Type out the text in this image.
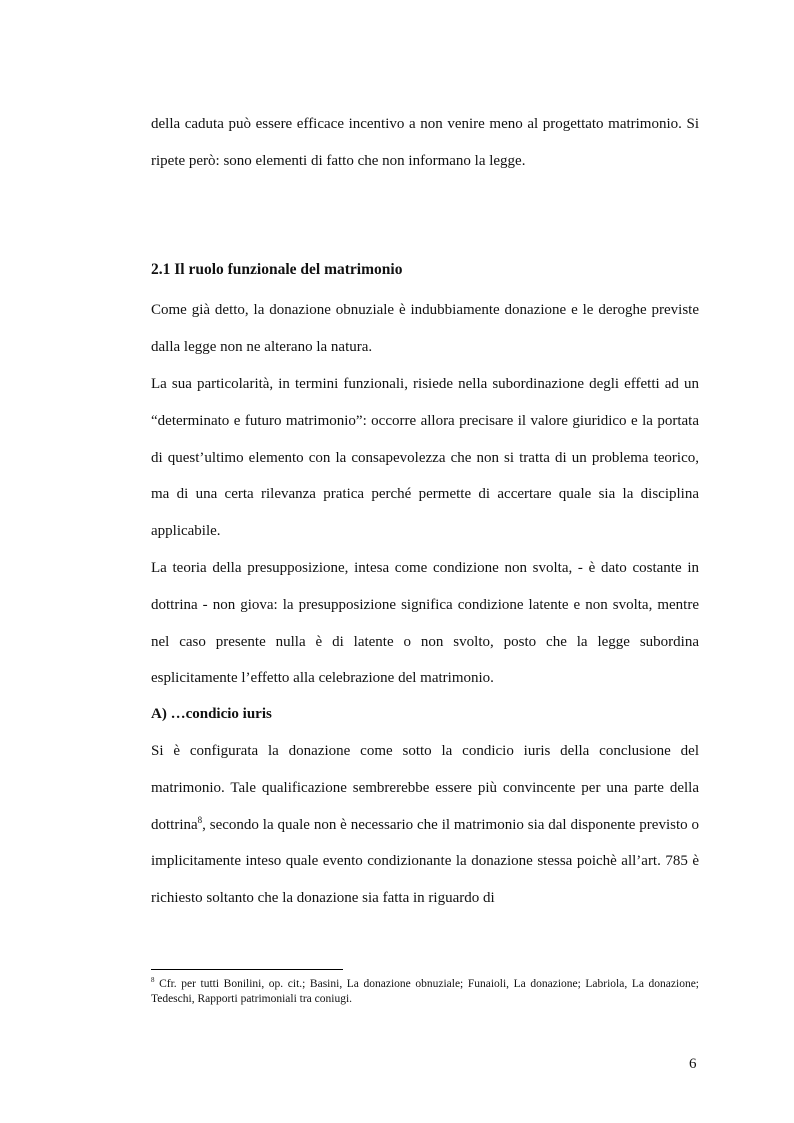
della caduta può essere efficace incentivo a non venire meno al progettato matrimonio. Si ripete però: sono elementi di fatto che non informano la legge.

2.1 Il ruolo funzionale del matrimonio

Come già detto, la donazione obnuziale è indubbiamente donazione e le deroghe previste dalla legge non ne alterano la natura.

La sua particolarità, in termini funzionali, risiede nella subordinazione degli effetti ad un “determinato e futuro matrimonio”: occorre allora precisare il valore giuridico e la portata di quest’ultimo elemento con la consapevolezza che non si tratta di un problema teorico, ma di una certa rilevanza pratica perché permette di accertare quale sia la disciplina applicabile.

La teoria della presupposizione, intesa come condizione non svolta, - è dato costante in dottrina - non giova: la presupposizione significa condizione latente e non svolta, mentre nel caso presente nulla è di latente o non svolto, posto che la legge subordina esplicitamente l’effetto alla celebrazione del matrimonio.

A) …condicio iuris

Si è configurata la donazione come sotto la condicio iuris della conclusione del matrimonio. Tale qualificazione sembrerebbe essere più convincente per una parte della dottrina$^8$, secondo la quale non è necessario che il matrimonio sia dal disponente previsto o implicitamente inteso quale evento condizionante la donazione stessa poichè all’art. 785 è richiesto soltanto che la donazione sia fatta in riguardo di

$^8$ Cfr. per tutti Bonilini, op. cit.; Basini, La donazione obnuziale; Funaioli, La donazione; Labriola, La donazione; Tedeschi, Rapporti patrimoniali tra coniugi.

6
